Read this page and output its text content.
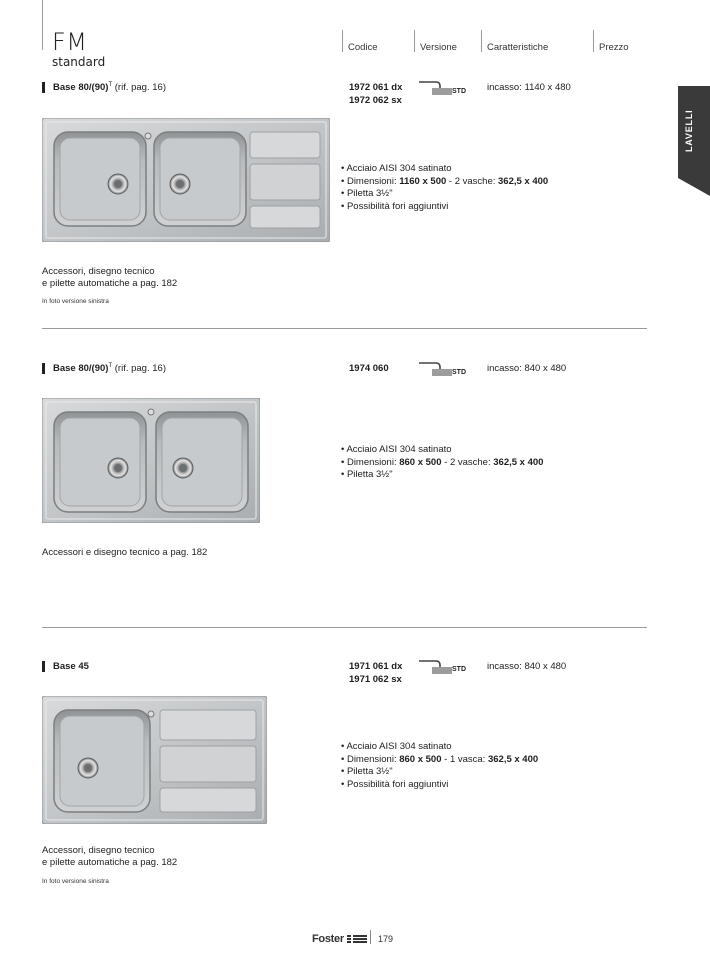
FM
standard
Codice	Versione	Caratteristiche	Prezzo
LAVELLI
Base $80/(90)^T$ (rif. pag. 16)	1972 061 dx
1972 062 sx
STD incasso: 1140 x 480
• Acciaio AISI 304 satinato
• Dimensioni: 1160 x 500 - 2 vasche: 362,5 x 400
• Piletta 3½"
• Possibilità fori aggiuntivi
Accessori, disegno tecnico
e pilette automatiche a pag. 182
In foto versione sinistra
Base $80/(90)^T$ (rif. pag. 16)	1974 060	STD incasso: 840 x 480
• Acciaio AISI 304 satinato
• Dimensioni: 860 x 500 - 2 vasche: 362,5 x 400
• Piletta 3½"
Accessori e disegno tecnico a pag. 182
Base 45	1971 061 dx
1971 062 sx
STD incasso: 840 x 480
• Acciaio AISI 304 satinato
• Dimensioni: 860 x 500 - 1 vasca: 362,5 x 400
• Piletta 3½"
• Possibilità fori aggiuntivi
Accessori, disegno tecnico
e pilette automatiche a pag. 182
In foto versione sinistra
Foster	179
